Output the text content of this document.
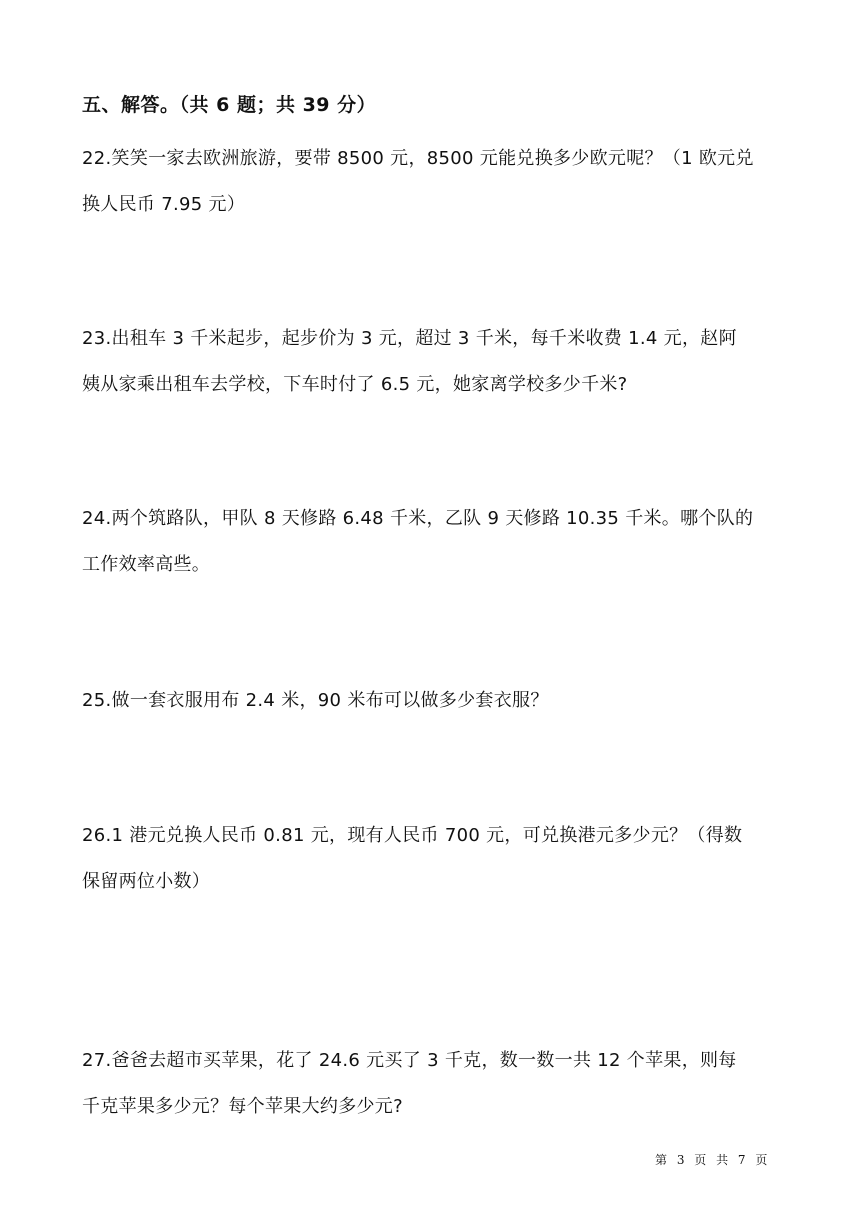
五、解答。（共 6 题；共 39 分）
22.笑笑一家去欧洲旅游，要带 8500 元，8500 元能兑换多少欧元呢？（1 欧元兑
换人民币 7.95 元）
23.出租车 3 千米起步，起步价为 3 元，超过 3 千米，每千米收费 1.4 元，赵阿
姨从家乘出租车去学校，下车时付了 6.5 元，她家离学校多少千米?
24.两个筑路队，甲队 8 天修路 6.48 千米，乙队 9 天修路 10.35 千米。哪个队的
工作效率高些。
25.做一套衣服用布 2.4 米，90 米布可以做多少套衣服？
26.1 港元兑换人民币 0.81 元，现有人民币 700 元，可兑换港元多少元？（得数
保留两位小数）
27.爸爸去超市买苹果，花了 24.6 元买了 3 千克，数一数一共 12 个苹果，则每
千克苹果多少元？每个苹果大约多少元?
第 3 页 共 7 页
